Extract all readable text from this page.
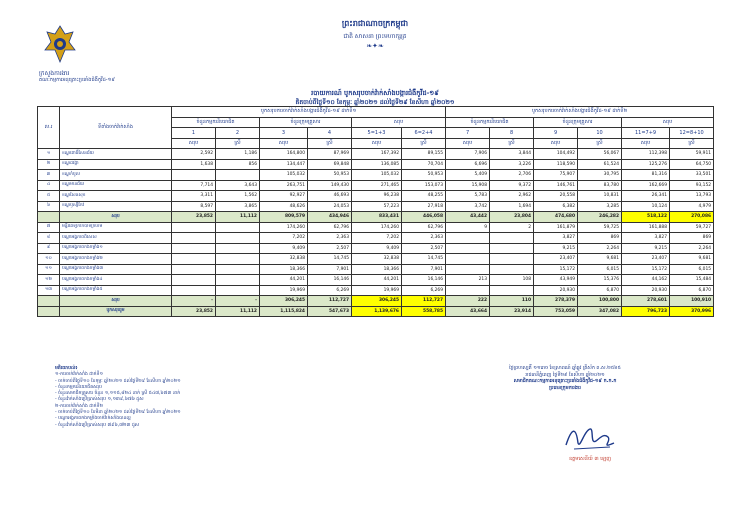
ក្រសួងការងារ
គណៈកម្មការអនុគ្រោះប្រឆាំងជំងឺកូវីដ-១៩
ព្រះរាជាណាចក្រកម្ពុជា
ជាតិ សាសនា ព្រះមហាក្សត្រ
❧✦❧
របាយការណ៍ បូកសរុបចាក់វ៉ាក់សាំងបង្ការជំងឺកូវីដ-១៩
គិតចាប់ពីថ្ងៃទី១០ ខែកុម្ភៈ ឆ្នាំ២០២១ ដល់ថ្ងៃទី២៩ ខែសីហា ឆ្នាំ២០២១
ល.រ	ទីតាំងចាក់វ៉ាក់សាំង	បូកសរុបការចាក់វ៉ាក់សាំងបង្ការជំងឺកូវីដ-១៩ ដាក់ទី១						បូកសរុបការចាក់វ៉ាក់សាំងបង្ការជំងឺកូវីដ-១៩ ដាក់ទី២					
		ចំនួនកម្មករ​និយោជិត		ចំនួនក្រុមគ្រួសារ		សរុប		ចំនួនកម្មករ​និយោជិត		ចំនួនក្រុមគ្រួសារ		សរុប	
		1	2	3	4	5=1+3	6=2+4	7	8	9	10	11=7+9	12=8+10
		សរុប	ស្រី	សរុប	ស្រី	សរុប	ស្រី	សរុប	ស្រី	សរុប	ស្រី	សរុប	ស្រី
១	ខណ្ឌពោធិ៍សែនជ័យ	2,592	1,186	164,800	87,969	167,392	89,155	7,906	3,844	104,492	56,067	112,398	59,911
២	ខណ្ឌដង្កោ	1,638	856	134,447	69,848	136,085	70,704	6,696	3,226	118,590	61,524	125,276	64,750
៣	ខណ្ឌកំបូល			105,032	50,953	105,032	50,953	5,409	2,706	75,907	30,795	81,316	33,501
៤	ខណ្ឌមានជ័យ	7,714	3,643	263,751	149,430	271,465	153,073	15,908	9,372	146,761	83,780	162,669	93,152
៥	ខណ្ឌសែនសុខ	3,311	1,562	92,927	46,693	96,238	48,255	5,783	2,962	20,558	10,831	26,341	13,793
៦	ខណ្ឌឫស្សីកែវ	8,597	3,865	48,626	24,053	57,223	27,918	3,742	1,694	6,382	3,285	10,124	4,979
	សរុប	23,852	11,112	809,579	434,946	833,431	446,058	43,442	23,804	474,680	246,282	518,122	270,086
៧	មន្ទីរពេទ្យកាកបាទក្រហម			174,260	62,796	174,260	62,796	9	2	161,879	59,725	161,888	59,727
៨	បណ្ដាអង្គភាពពិសេស			7,202	2,363	7,202	2,363			3,827	869	3,827	869
៩	បណ្ដាអង្គភាពកងកម្លាំង១			9,409	2,507	9,409	2,507			9,215	2,264	9,215	2,264
១០	បណ្ដាអង្គភាពកងកម្លាំង២			32,838	14,745	32,838	14,745			23,407	9,681	23,407	9,681
១១	បណ្ដាអង្គភាពកងកម្លាំង៣			18,366	7,901	18,366	7,901			15,172	6,015	15,172	6,015
១២	បណ្ដាអង្គភាពកងកម្លាំង៤			44,201	16,146	44,201	16,146	213	108	43,949	15,376	44,162	15,484
១៣	បណ្ដាអង្គភាពកងកម្លាំង៥			19,969	6,269	19,969	6,269			20,930	6,870	20,930	6,870
	សរុប	-	-	306,245	112,727	306,245	112,727	222	110	278,379	100,800	278,601	100,910
	បូកសរុបរួម	23,852	11,112	1,115,824	547,673	1,139,676	558,785	43,664	23,914	753,059	347,082	796,723	370,996
មតិយោបល់៖
១-ការចាក់វ៉ាក់សាំង ដាក់ទី១
- ចាក់ចាប់ពីថ្ងៃទី១០ ខែកុម្ភៈ ឆ្នាំ២០២១ ដល់ថ្ងៃទី២៩ ខែសីហា ឆ្នាំ២០២១
- ចំនួនកម្មករនិយោជិតសរុប
- ចំនួនសមាជិកគ្រួសារ ចំនួន ១,១១៥,៨២៤ នាក់ ស្រី ៥៤៧,៦៧៣ នាក់
- ចំនួនវ៉ាក់សាំងប្រើប្រាស់សរុប ១,១៣៩,៦៧៦ ដូស
២-ការចាក់វ៉ាក់សាំង ដាក់ទី២
- ចាក់ចាប់ពីថ្ងៃទី១០ ខែមីនា ឆ្នាំ២០២១ ដល់ថ្ងៃទី២៩ ខែសីហា ឆ្នាំ២០២១
- បណ្ដាអង្គភាពកងកម្លាំងចាក់វ៉ាក់សាំងបានល្អ
- ចំនួនវ៉ាក់សាំងប្រើប្រាស់សរុប ៧៩៦,៧២៣ ដូស
ថ្ងៃព្រហស្បតិ៍ ១១រោច ខែស្រាពណ៍ ឆ្នាំឆ្លូវ ត្រីស័ក ព.ស.២៥៦៥
រាជធានីភ្នំពេញ ថ្ងៃទី២៩ ខែសីហា ឆ្នាំ២០២១
សមាជិកគណៈកម្មការអនុគ្រោះប្រឆាំងជំងឺកូវីដ-១៩ ក.ក.ក
ប្រធានក្រុមការងារ
ឧត្តមសេនីយ៍ ៣ ឡេញ
